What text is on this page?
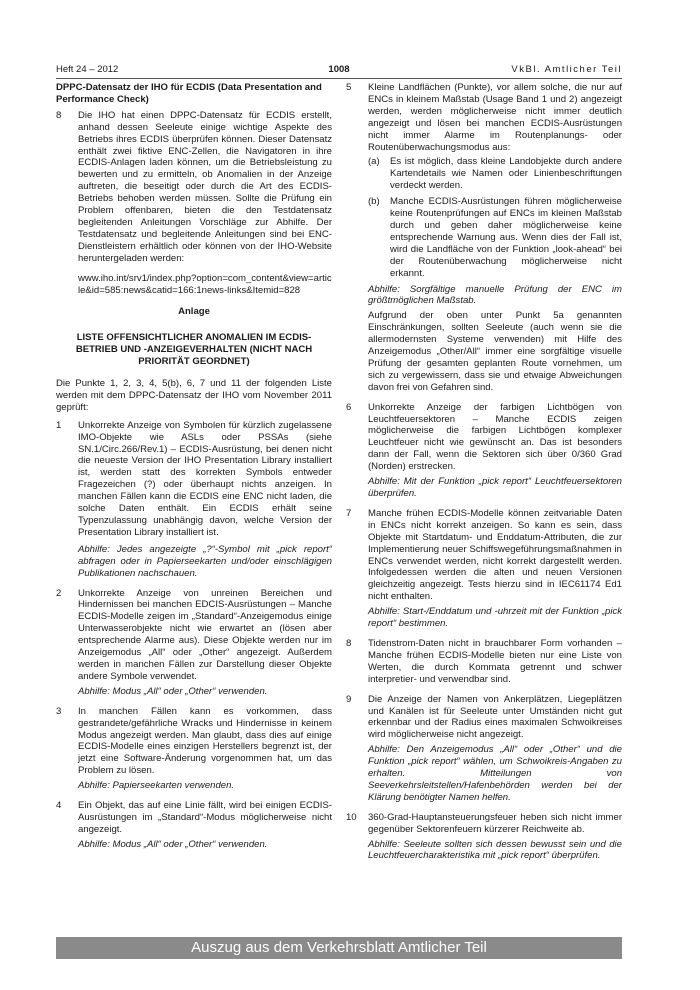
Heft 24 – 2012	1008	VkBl. Amtlicher Teil
DPPC-Datensatz der IHO für ECDIS (Data Presentation and Performance Check)
8	Die IHO hat einen DPPC-Datensatz für ECDIS erstellt, anhand dessen Seeleute einige wichtige Aspekte des Betriebs ihres ECDIS überprüfen können. Dieser Datensatz enthält zwei fiktive ENC-Zellen, die Navigatoren in ihre ECDIS-Anlagen laden können, um die Betriebsleistung zu bewerten und zu ermitteln, ob Anomalien in der Anzeige auftreten, die beseitigt oder durch die Art des ECDIS-Betriebs behoben werden müssen. Sollte die Prüfung ein Problem offenbaren, bieten die den Testdatensatz begleitenden Anleitungen Vorschläge zur Abhilfe. Der Testdatensatz und begleitende Anleitungen sind bei ENC-Dienstleistern erhältlich oder können von der IHO-Website heruntergeladen werden:

www.iho.int/srv1/index.php?option=com_content&view=article&id=585:news&catid=166:1news-links&Itemid=828
Anlage
LISTE OFFENSICHTLICHER ANOMALIEN IM ECDIS-BETRIEB UND -ANZEIGEVERHALTEN (NICHT NACH PRIORITÄT GEORDNET)

Die Punkte 1, 2, 3, 4, 5(b), 6, 7 und 11 der folgenden Liste werden mit dem DPPC-Datensatz der IHO vom November 2011 geprüft:

1	Unkorrekte Anzeige von Symbolen für kürzlich zugelassene IMO-Objekte wie ASLs oder PSSAs (siehe SN.1/Circ.266/Rev.1) – ECDIS-Ausrüstung, bei denen nicht die neueste Version der IHO Presentation Library installiert ist, werden statt des korrekten Symbols entweder Fragezeichen (?) oder überhaupt nichts anzeigen. In manchen Fällen kann die ECDIS eine ENC nicht laden, die solche Daten enthält. Ein ECDIS erhält seine Typenzulassung unabhängig davon, welche Version der Presentation Library installiert ist.

Abhilfe: Jedes angezeigte „?“-Symbol mit „pick report“ abfragen oder in Papierseekarten und/oder einschlägigen Publikationen nachschauen.

2	Unkorrekte Anzeige von unreinen Bereichen und Hindernissen bei manchen EDCIS-Ausrüstungen – Manche ECDIS-Modelle zeigen im „Standard“-Anzeigemodus einige Unterwasserobjekte nicht wie erwartet an (lösen aber entsprechende Alarme aus). Diese Objekte werden nur im Anzeigemodus „All“ oder „Other“ angezeigt. Außerdem werden in manchen Fällen zur Darstellung dieser Objekte andere Symbole verwendet.

Abhilfe: Modus „All“ oder „Other“ verwenden.

3	In manchen Fällen kann es vorkommen, dass gestrandete/gefährliche Wracks und Hindernisse in keinem Modus angezeigt werden. Man glaubt, dass dies auf einige ECDIS-Modelle eines einzigen Herstellers begrenzt ist, der jetzt eine Software-Änderung vorgenommen hat, um das Problem zu lösen.

Abhilfe: Papierseekarten verwenden.

4	Ein Objekt, das auf eine Linie fällt, wird bei einigen ECDIS-Ausrüstungen im „Standard“-Modus möglicherweise nicht angezeigt.

Abhilfe: Modus „All“ oder „Other“ verwenden.

5	Kleine Landflächen (Punkte), vor allem solche, die nur auf ENCs in kleinem Maßstab (Usage Band 1 und 2) angezeigt werden, werden möglicherweise nicht immer deutlich angezeigt und lösen bei manchen ECDIS-Ausrüstungen nicht immer Alarme im Routenplanungs- oder Routenüberwachungsmodus aus:

(a)	Es ist möglich, dass kleine Landobjekte durch andere Kartendetails wie Namen oder Linienbeschriftungen verdeckt werden.
(b)	Manche ECDIS-Ausrüstungen führen möglicherweise keine Routenprüfungen auf ENCs im kleinen Maßstab durch und geben daher möglicherweise keine entsprechende Warnung aus. Wenn dies der Fall ist, wird die Landfläche von der Funktion „look-ahead“ bei der Routenüberwachung möglicherweise nicht erkannt.

Abhilfe: Sorgfältige manuelle Prüfung der ENC im größtmöglichen Maßstab.

Aufgrund der oben unter Punkt 5a genannten Einschränkungen, sollten Seeleute (auch wenn sie die allermodernsten Systeme verwenden) mit Hilfe des Anzeigemodus „Other/All“ immer eine sorgfältige visuelle Prüfung der gesamten geplanten Route vornehmen, um sich zu vergewissern, dass sie und etwaige Abweichungen davon frei von Gefahren sind.

6	Unkorrekte Anzeige der farbigen Lichtbögen von Leuchtfeuersektoren – Manche ECDIS zeigen möglicherweise die farbigen Lichtbögen komplexer Leuchtfeuer nicht wie gewünscht an. Das ist besonders dann der Fall, wenn die Sektoren sich über 0/360 Grad (Norden) erstrecken.

Abhilfe: Mit der Funktion „pick report“ Leuchtfeuersektoren überprüfen.

7	Manche frühen ECDIS-Modelle können zeitvariable Daten in ENCs nicht korrekt anzeigen. So kann es sein, dass Objekte mit Startdatum- und Enddatum-Attributen, die zur Implementierung neuer Schiffswegeführungsmaßnahmen in ENCs verwendet werden, nicht korrekt dargestellt werden. Infolgedessen werden die alten und neuen Versionen gleichzeitig angezeigt. Tests hierzu sind in IEC61174 Ed1 nicht enthalten.

Abhilfe: Start-/Enddatum und -uhrzeit mit der Funktion „pick report“ bestimmen.

8	Tidenstrom-Daten nicht in brauchbarer Form vorhanden – Manche frühen ECDIS-Modelle bieten nur eine Liste von Werten, die durch Kommata getrennt und schwer interpretier- und verwendbar sind.

9	Die Anzeige der Namen von Ankerplätzen, Liegeplätzen und Kanälen ist für Seeleute unter Umständen nicht gut erkennbar und der Radius eines maximalen Schwoikreises wird möglicherweise nicht angezeigt.

Abhilfe: Den Anzeigemodus „All“ oder „Other“ und die Funktion „pick report“ wählen, um Schwoikreis-Angaben zu erhalten. Mitteilungen von Seeverkehrsleitstellen/Hafenbehörden werden bei der Klärung benötigter Namen helfen.

10	360-Grad-Hauptansteuerungsfeuer heben sich nicht immer gegenüber Sektorenfeuern kürzerer Reichweite ab.

Abhilfe: Seeleute sollten sich dessen bewusst sein und die Leuchtfeuercharakteristika mit „pick report“ überprüfen.

Auszug aus dem Verkehrsblatt Amtlicher Teil
